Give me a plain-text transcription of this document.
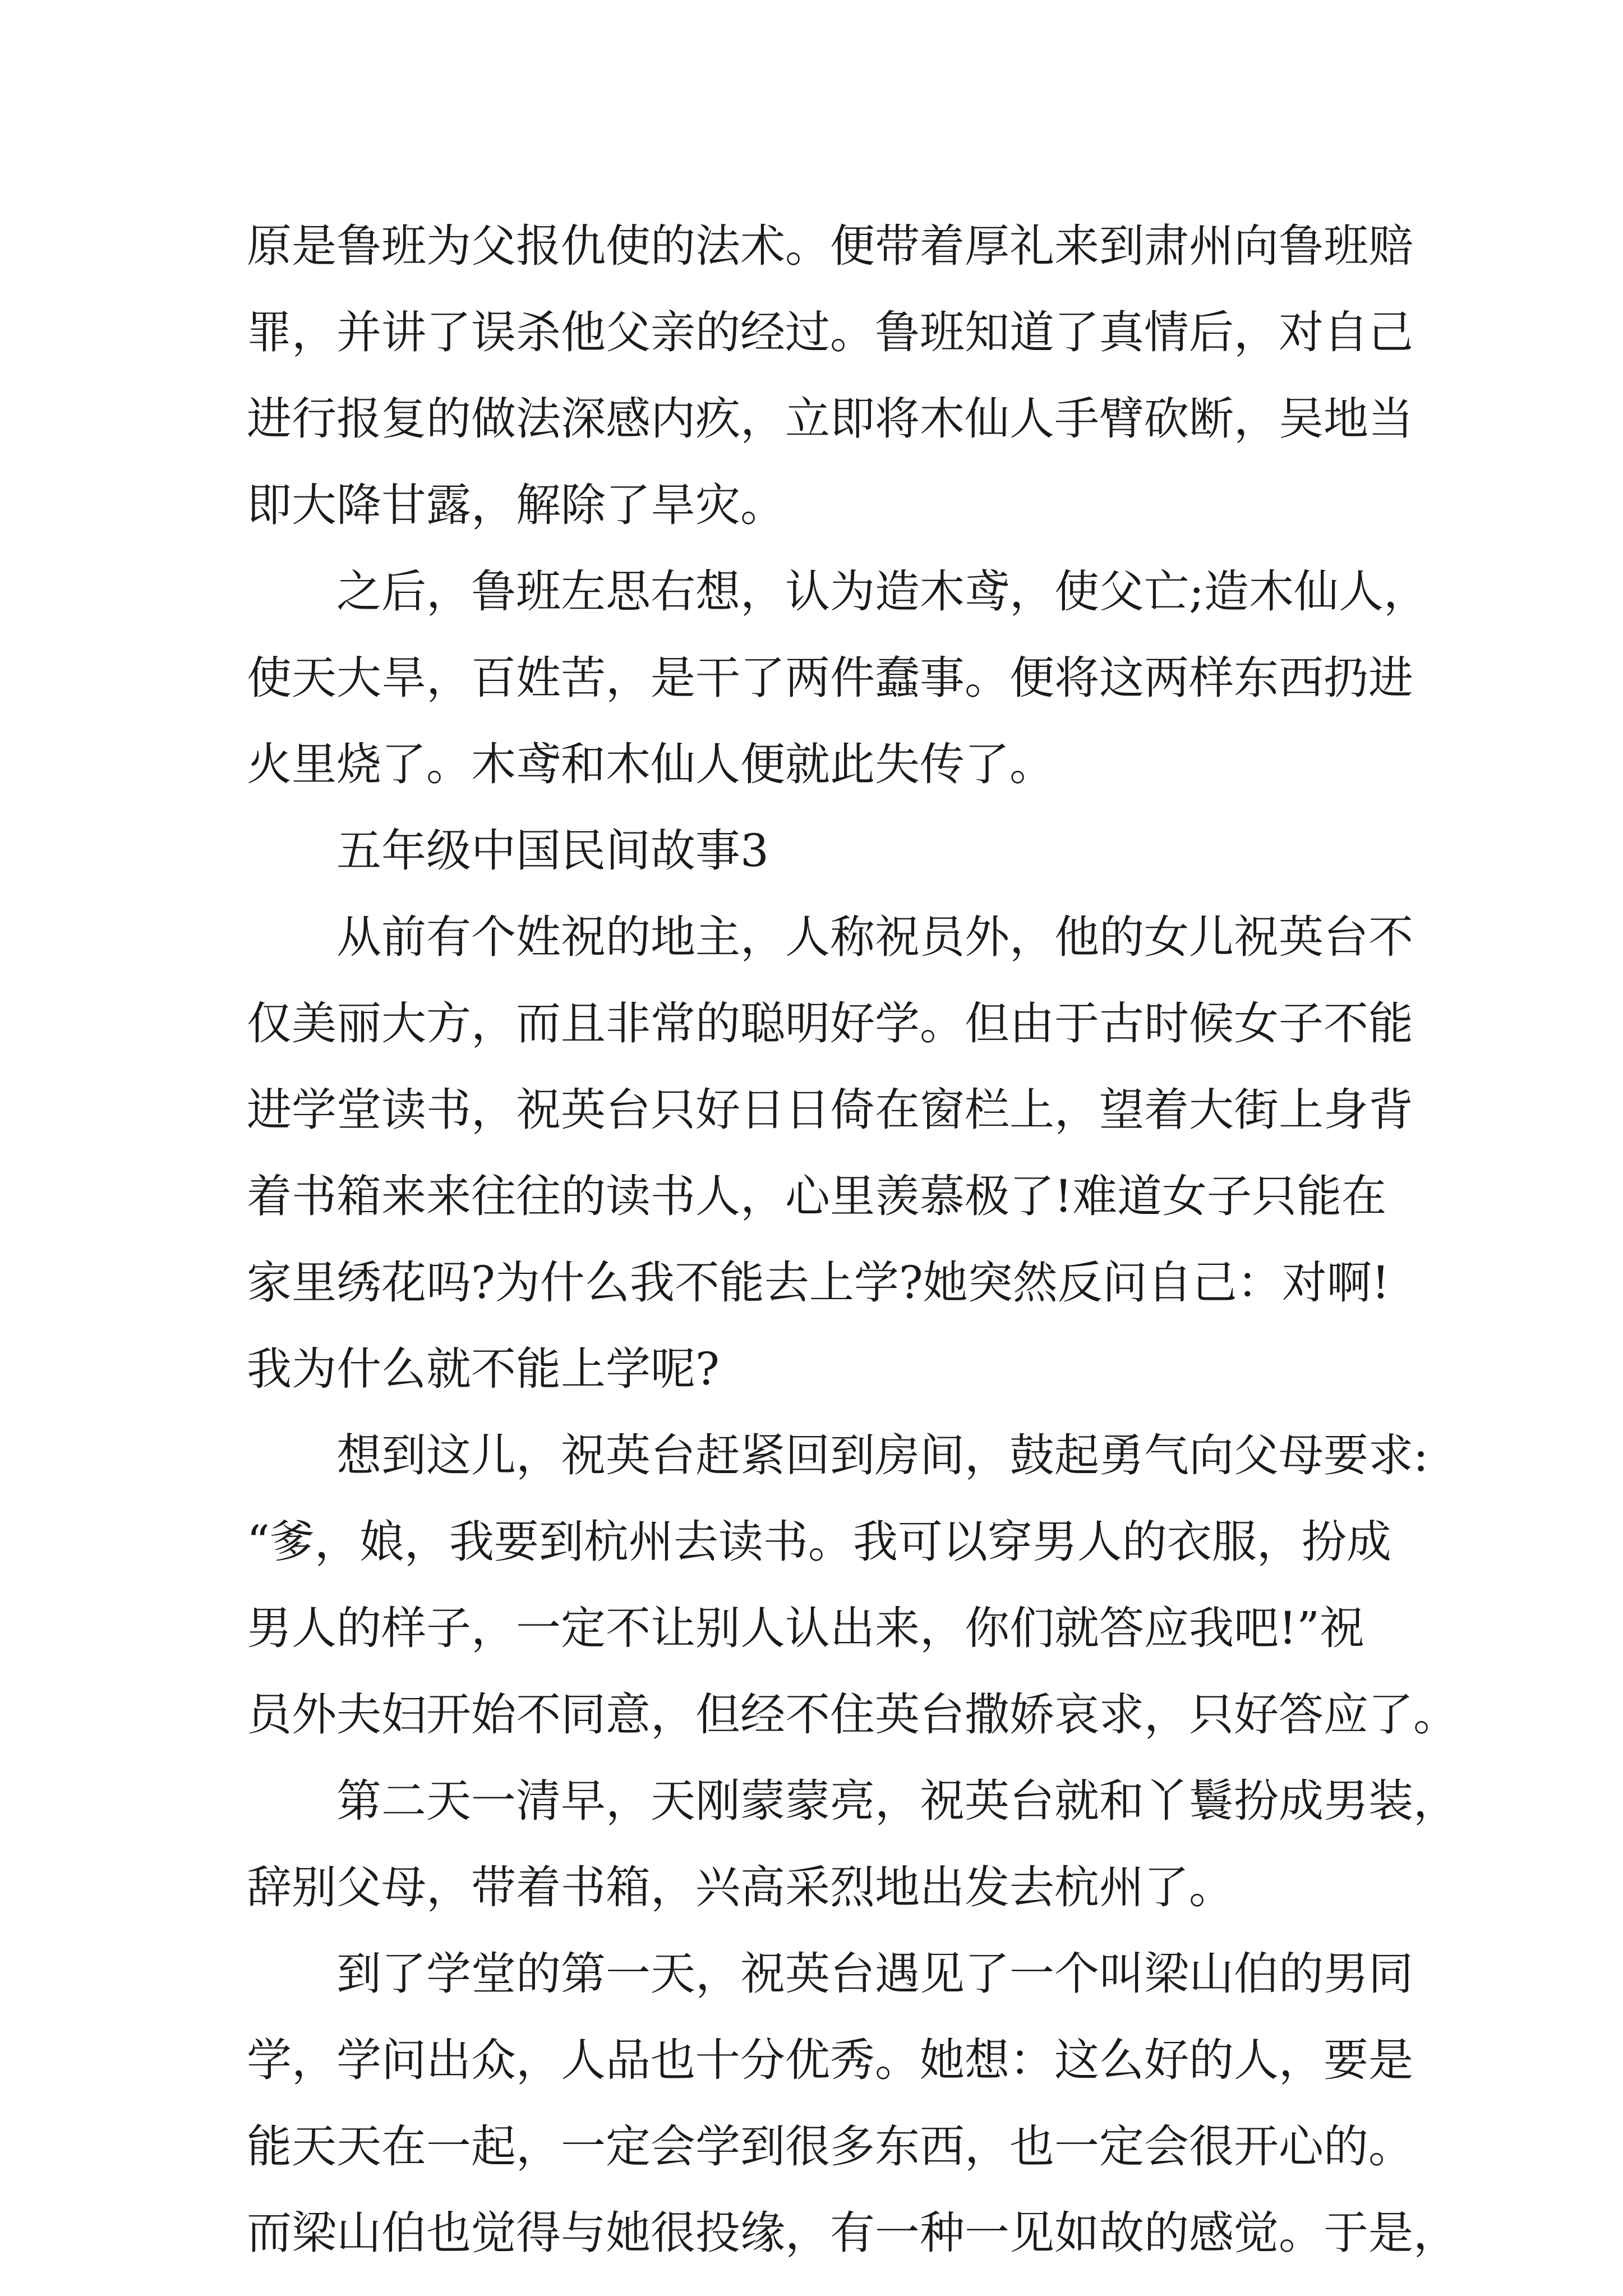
原是鲁班为父报仇使的法术。便带着厚礼来到肃州向鲁班赔
罪，并讲了误杀他父亲的经过。鲁班知道了真情后，对自己
进行报复的做法深感内疚，立即将木仙人手臂砍断，吴地当
即大降甘露，解除了旱灾。
之后，鲁班左思右想，认为造木鸢，使父亡;造木仙人，
使天大旱，百姓苦，是干了两件蠢事。便将这两样东西扔进
火里烧了。木鸢和木仙人便就此失传了。
五年级中国民间故事3
从前有个姓祝的地主，人称祝员外，他的女儿祝英台不
仅美丽大方，而且非常的聪明好学。但由于古时候女子不能
进学堂读书，祝英台只好日日倚在窗栏上，望着大街上身背
着书箱来来往往的读书人，心里羡慕极了!难道女子只能在
家里绣花吗?为什么我不能去上学?她突然反问自己：对啊!
我为什么就不能上学呢?
想到这儿，祝英台赶紧回到房间，鼓起勇气向父母要求:
“爹，娘，我要到杭州去读书。我可以穿男人的衣服，扮成
男人的样子，一定不让别人认出来，你们就答应我吧!”祝
员外夫妇开始不同意，但经不住英台撒娇哀求，只好答应了。
第二天一清早，天刚蒙蒙亮，祝英台就和丫鬟扮成男装，
辞别父母，带着书箱，兴高采烈地出发去杭州了。
到了学堂的第一天，祝英台遇见了一个叫梁山伯的男同
学，学问出众，人品也十分优秀。她想：这么好的人，要是
能天天在一起，一定会学到很多东西，也一定会很开心的。
而梁山伯也觉得与她很投缘，有一种一见如故的感觉。于是，
